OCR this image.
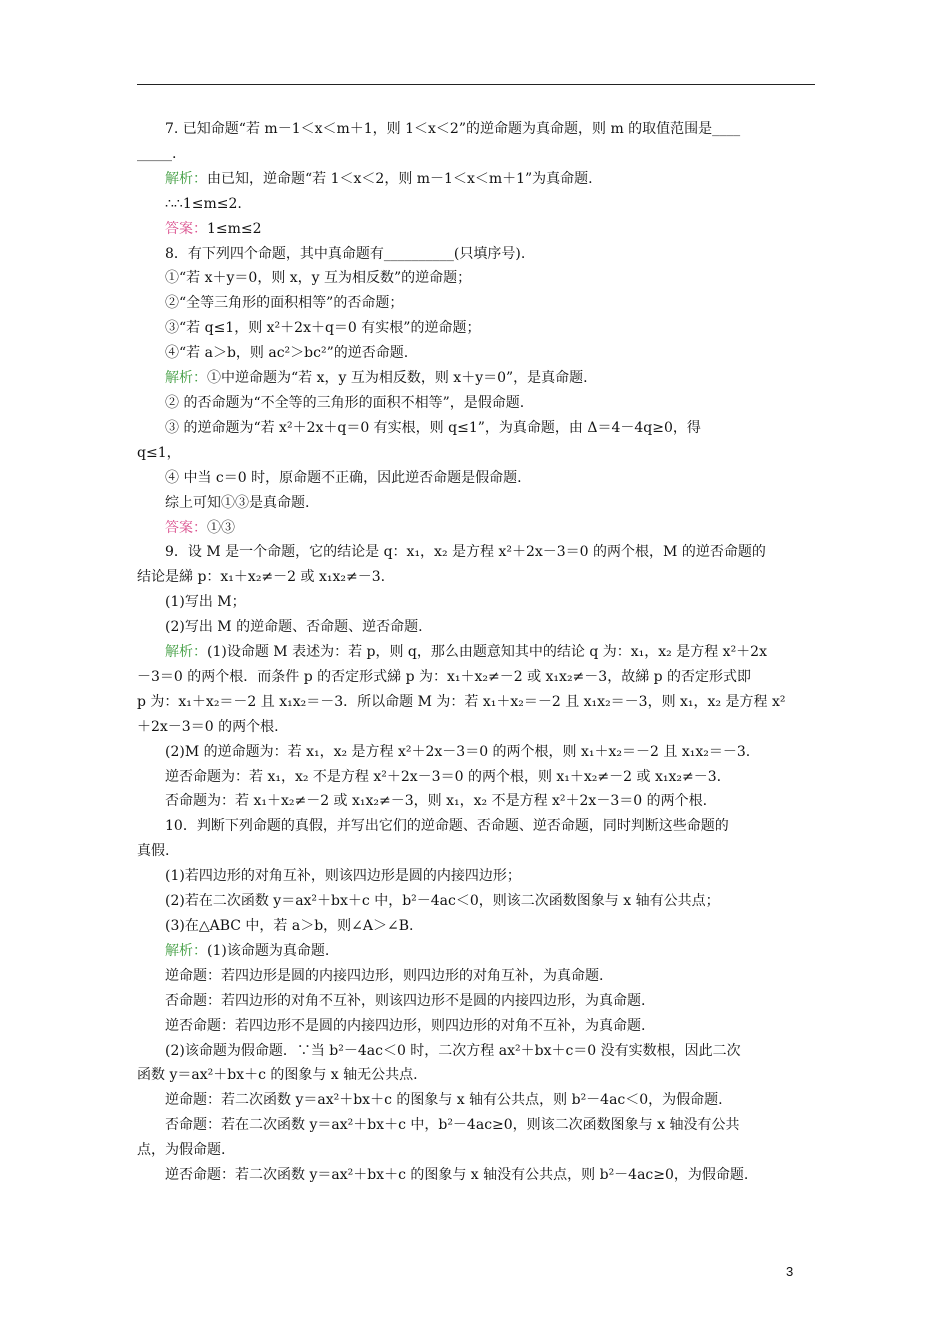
7. 已知命题“若 m－1＜x＜m＋1，则 1＜x＜2”的逆命题为真命题，则 m 的取值范围是____
_____.
解析：由已知，逆命题“若 1＜x＜2，则 m－1＜x＜m＋1”为真命题.
∴∴1≤m≤2.
答案：1≤m≤2
8．有下列四个命题，其中真命题有__________(只填序号).
①“若 x＋y＝0，则 x，y 互为相反数”的逆命题；
②“全等三角形的面积相等”的否命题；
③“若 q≤1，则 x²＋2x＋q＝0 有实根”的逆命题；
④“若 a＞b，则 ac²＞bc²”的逆否命题.
解析：①中逆命题为“若 x，y 互为相反数，则 x＋y＝0”，是真命题.
② 的否命题为“不全等的三角形的面积不相等”，是假命题.
③ 的逆命题为“若 x²＋2x＋q＝0 有实根，则 q≤1”，为真命题，由 Δ＝4－4q≥0，得
q≤1，
④ 中当 c＝0 时，原命题不正确，因此逆否命题是假命题.
综上可知①③是真命题.
答案：①③
9．设 M 是一个命题，它的结论是 q：x₁，x₂ 是方程 x²＋2x－3＝0 的两个根，M 的逆否命题的
结论是綈 p：x₁＋x₂≠－2 或 x₁x₂≠－3.
(1)写出 M；
(2)写出 M 的逆命题、否命题、逆否命题.
解析：(1)设命题 M 表述为：若 p，则 q，那么由题意知其中的结论 q 为：x₁，x₂ 是方程 x²＋2x
－3＝0 的两个根．而条件 p 的否定形式綈 p 为：x₁＋x₂≠－2 或 x₁x₂≠－3，故綈 p 的否定形式即
p 为：x₁＋x₂＝－2 且 x₁x₂＝－3．所以命题 M 为：若 x₁＋x₂＝－2 且 x₁x₂＝－3，则 x₁，x₂ 是方程 x²
＋2x－3＝0 的两个根.
(2)M 的逆命题为：若 x₁，x₂ 是方程 x²＋2x－3＝0 的两个根，则 x₁＋x₂＝－2 且 x₁x₂＝－3.
逆否命题为：若 x₁，x₂ 不是方程 x²＋2x－3＝0 的两个根，则 x₁＋x₂≠－2 或 x₁x₂≠－3.
否命题为：若 x₁＋x₂≠－2 或 x₁x₂≠－3，则 x₁，x₂ 不是方程 x²＋2x－3＝0 的两个根.
10．判断下列命题的真假，并写出它们的逆命题、否命题、逆否命题，同时判断这些命题的
真假.
(1)若四边形的对角互补，则该四边形是圆的内接四边形；
(2)若在二次函数 y＝ax²＋bx＋c 中，b²－4ac＜0，则该二次函数图象与 x 轴有公共点；
(3)在△ABC 中，若 a＞b，则∠A＞∠B.
解析：(1)该命题为真命题.
逆命题：若四边形是圆的内接四边形，则四边形的对角互补，为真命题.
否命题：若四边形的对角不互补，则该四边形不是圆的内接四边形，为真命题.
逆否命题：若四边形不是圆的内接四边形，则四边形的对角不互补，为真命题.
(2)该命题为假命题．∵当 b²－4ac＜0 时，二次方程 ax²＋bx＋c＝0 没有实数根，因此二次
函数 y＝ax²＋bx＋c 的图象与 x 轴无公共点.
逆命题：若二次函数 y＝ax²＋bx＋c 的图象与 x 轴有公共点，则 b²－4ac＜0，为假命题.
否命题：若在二次函数 y＝ax²＋bx＋c 中，b²－4ac≥0，则该二次函数图象与 x 轴没有公共
点，为假命题.
逆否命题：若二次函数 y＝ax²＋bx＋c 的图象与 x 轴没有公共点，则 b²－4ac≥0，为假命题.
3
